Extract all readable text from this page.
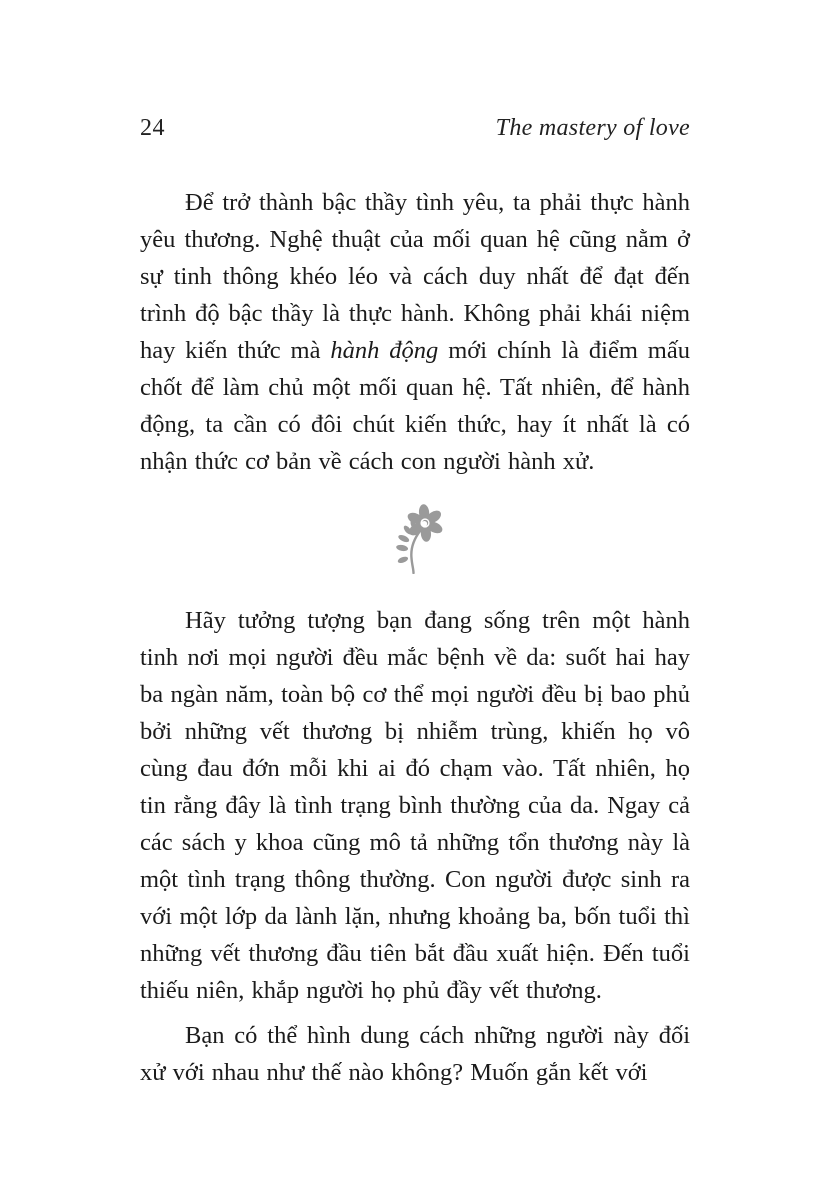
24	The mastery of love

Để trở thành bậc thầy tình yêu, ta phải thực hành yêu thương. Nghệ thuật của mối quan hệ cũng nằm ở sự tinh thông khéo léo và cách duy nhất để đạt đến trình độ bậc thầy là thực hành. Không phải khái niệm hay kiến thức mà hành động mới chính là điểm mấu chốt để làm chủ một mối quan hệ. Tất nhiên, để hành động, ta cần có đôi chút kiến thức, hay ít nhất là có nhận thức cơ bản về cách con người hành xử.

Hãy tưởng tượng bạn đang sống trên một hành tinh nơi mọi người đều mắc bệnh về da: suốt hai hay ba ngàn năm, toàn bộ cơ thể mọi người đều bị bao phủ bởi những vết thương bị nhiễm trùng, khiến họ vô cùng đau đớn mỗi khi ai đó chạm vào. Tất nhiên, họ tin rằng đây là tình trạng bình thường của da. Ngay cả các sách y khoa cũng mô tả những tổn thương này là một tình trạng thông thường. Con người được sinh ra với một lớp da lành lặn, nhưng khoảng ba, bốn tuổi thì những vết thương đầu tiên bắt đầu xuất hiện. Đến tuổi thiếu niên, khắp người họ phủ đầy vết thương.

Bạn có thể hình dung cách những người này đối xử với nhau như thế nào không? Muốn gắn kết với
